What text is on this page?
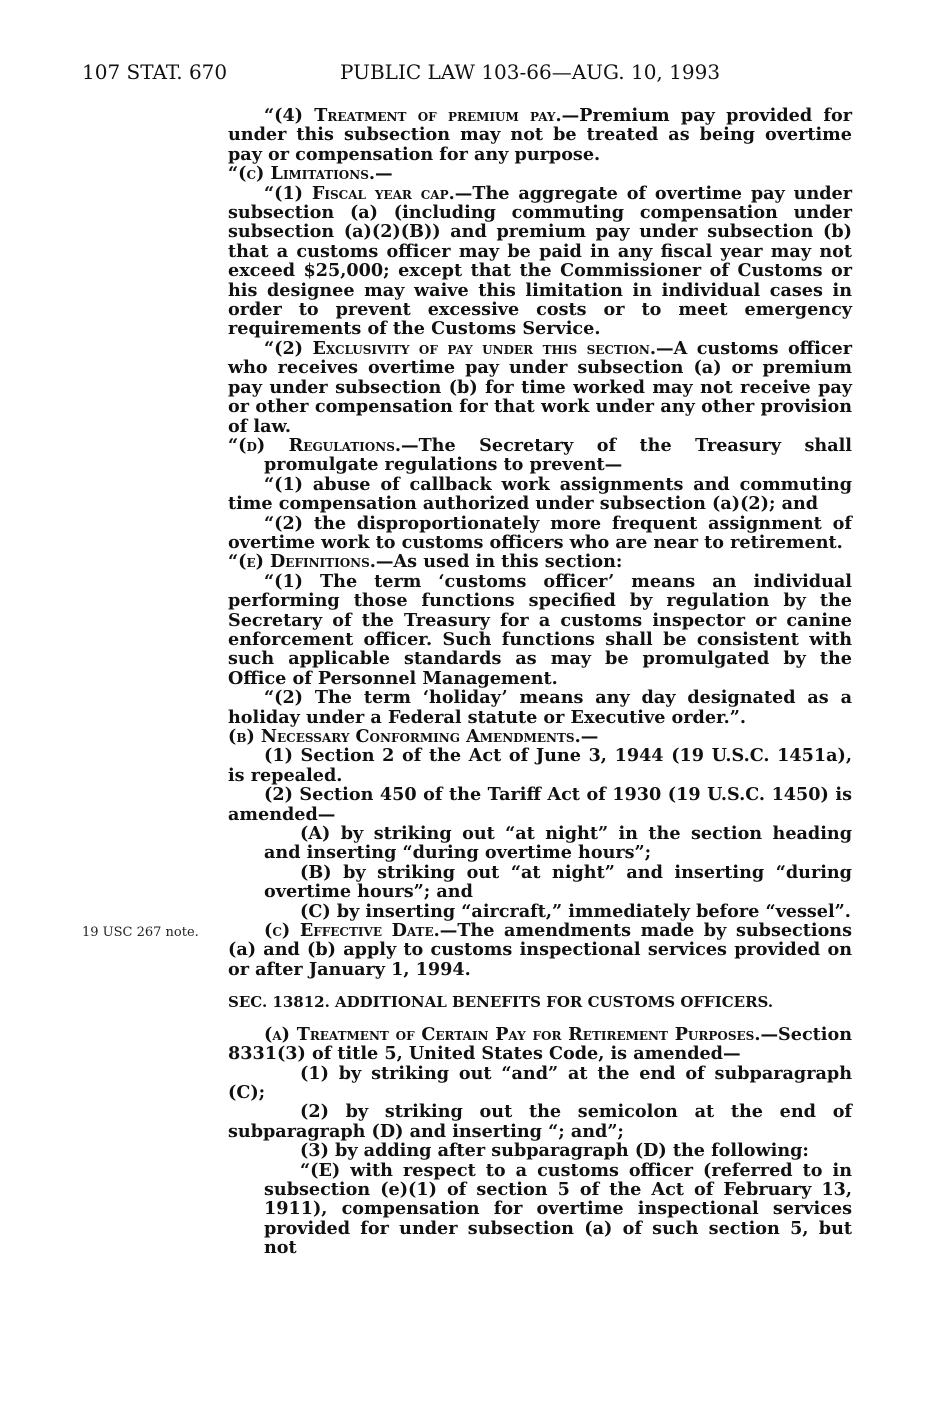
107 STAT. 670	PUBLIC LAW 103-66—AUG. 10, 1993
19 USC 267 note.

“(4) Treatment of premium pay.—Premium pay provided for under this subsection may not be treated as being overtime pay or compensation for any purpose.

“(c) Limitations.—

“(1) Fiscal year cap.—The aggregate of overtime pay under subsection (a) (including commuting compensation under subsection (a)(2)(B)) and premium pay under subsection (b) that a customs officer may be paid in any fiscal year may not exceed $25,000; except that the Commissioner of Customs or his designee may waive this limitation in individual cases in order to prevent excessive costs or to meet emergency requirements of the Customs Service.

“(2) Exclusivity of pay under this section.—A customs officer who receives overtime pay under subsection (a) or premium pay under subsection (b) for time worked may not receive pay or other compensation for that work under any other provision of law.

“(d) Regulations.—The Secretary of the Treasury shall promulgate regulations to prevent—

“(1) abuse of callback work assignments and commuting time compensation authorized under subsection (a)(2); and

“(2) the disproportionately more frequent assignment of overtime work to customs officers who are near to retirement.

“(e) Definitions.—As used in this section:

“(1) The term ‘customs officer’ means an individual performing those functions specified by regulation by the Secretary of the Treasury for a customs inspector or canine enforcement officer. Such functions shall be consistent with such applicable standards as may be promulgated by the Office of Personnel Management.

“(2) The term ‘holiday’ means any day designated as a holiday under a Federal statute or Executive order.”.

(b) Necessary Conforming Amendments.—

(1) Section 2 of the Act of June 3, 1944 (19 U.S.C. 1451a), is repealed.

(2) Section 450 of the Tariff Act of 1930 (19 U.S.C. 1450) is amended—

(A) by striking out “at night” in the section heading and inserting “during overtime hours”;

(B) by striking out “at night” and inserting “during overtime hours”; and

(C) by inserting “aircraft,” immediately before “vessel”.

(c) Effective Date.—The amendments made by subsections (a) and (b) apply to customs inspectional services provided on or after January 1, 1994.

SEC. 13812. ADDITIONAL BENEFITS FOR CUSTOMS OFFICERS.

(a) Treatment of Certain Pay for Retirement Purposes.—Section 8331(3) of title 5, United States Code, is amended—

(1) by striking out “and” at the end of subparagraph (C);

(2) by striking out the semicolon at the end of subparagraph (D) and inserting “; and”;

(3) by adding after subparagraph (D) the following:

“(E) with respect to a customs officer (referred to in subsection (e)(1) of section 5 of the Act of February 13, 1911), compensation for overtime inspectional services provided for under subsection (a) of such section 5, but not
